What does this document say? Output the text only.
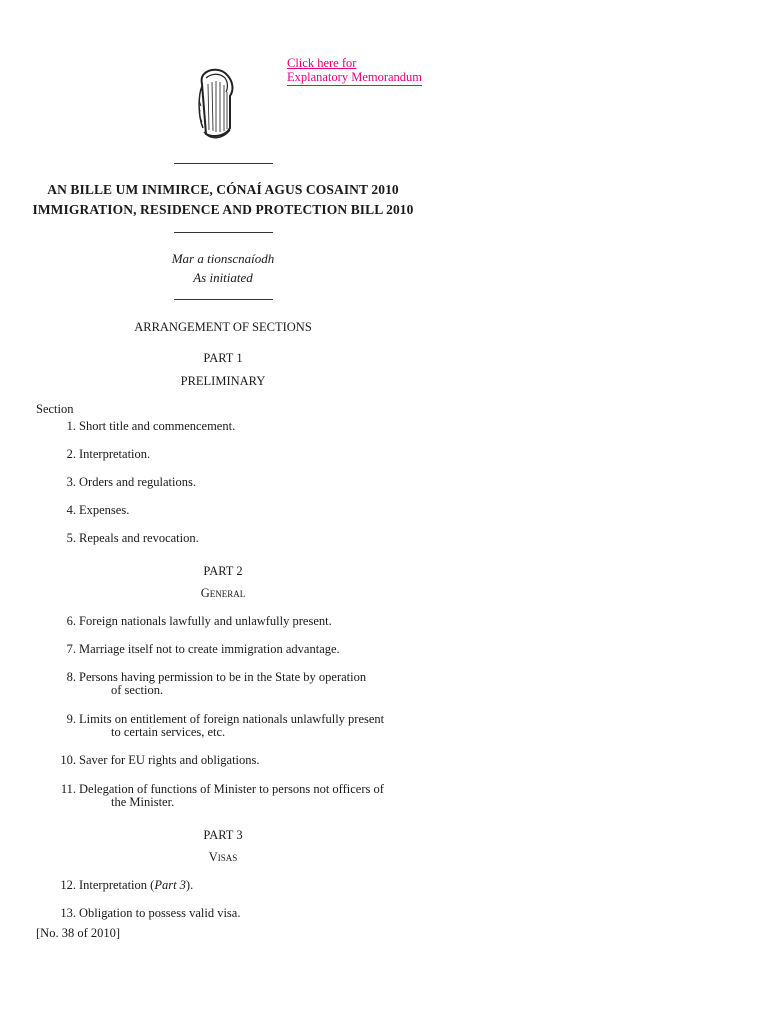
Click here for
Explanatory Memorandum
AN BILLE UM INIMIRCE, CÓNAÍ AGUS COSAINT 2010
IMMIGRATION, RESIDENCE AND PROTECTION BILL 2010
Mar a tionscnaíodh
As initiated
ARRANGEMENT OF SECTIONS
PART 1
PRELIMINARY
Section
1. Short title and commencement.
2. Interpretation.
3. Orders and regulations.
4. Expenses.
5. Repeals and revocation.
PART 2
General
6. Foreign nationals lawfully and unlawfully present.
7. Marriage itself not to create immigration advantage.
8. Persons having permission to be in the State by operation
of section.
9. Limits on entitlement of foreign nationals unlawfully present
to certain services, etc.
10. Saver for EU rights and obligations.
11. Delegation of functions of Minister to persons not officers of
the Minister.
PART 3
Visas
12. Interpretation (Part 3).
13. Obligation to possess valid visa.
[No. 38 of 2010]
